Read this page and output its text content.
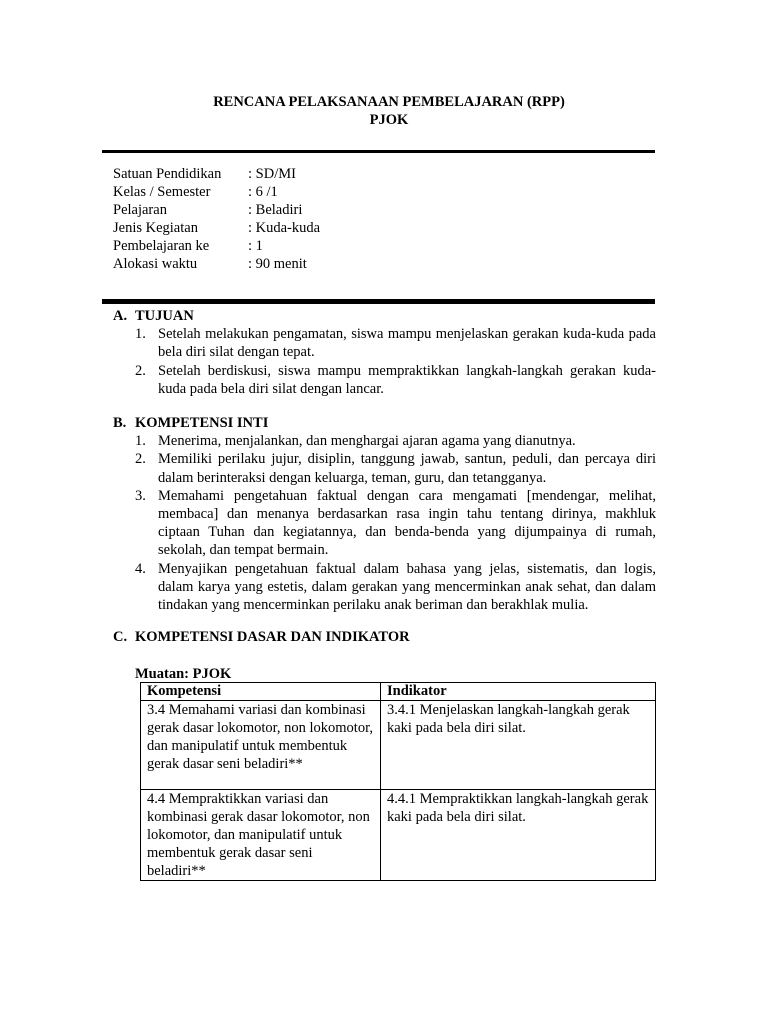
RENCANA PELAKSANAAN PEMBELAJARAN (RPP)
PJOK
Satuan Pendidikan	: SD/MI
Kelas / Semester	: 6 /1
Pelajaran	: Beladiri
Jenis Kegiatan	: Kuda-kuda
Pembelajaran ke	: 1
Alokasi waktu	: 90 menit
A. TUJUAN
1. Setelah melakukan pengamatan, siswa mampu menjelaskan gerakan kuda-kuda pada bela diri silat dengan tepat.
2. Setelah berdiskusi, siswa mampu mempraktikkan langkah-langkah gerakan kuda-kuda pada bela diri silat dengan lancar.
B. KOMPETENSI INTI
1. Menerima, menjalankan, dan menghargai ajaran agama yang dianutnya.
2. Memiliki perilaku jujur, disiplin, tanggung jawab, santun, peduli, dan percaya diri dalam berinteraksi dengan keluarga, teman, guru, dan tetangganya.
3. Memahami pengetahuan faktual dengan cara mengamati [mendengar, melihat, membaca] dan menanya berdasarkan rasa ingin tahu tentang dirinya, makhluk ciptaan Tuhan dan kegiatannya, dan benda-benda yang dijumpainya di rumah, sekolah, dan tempat bermain.
4. Menyajikan pengetahuan faktual dalam bahasa yang jelas, sistematis, dan logis, dalam karya yang estetis, dalam gerakan yang mencerminkan anak sehat, dan dalam tindakan yang mencerminkan perilaku anak beriman dan berakhlak mulia.
C. KOMPETENSI DASAR DAN INDIKATOR
Muatan: PJOK
Kompetensi	Indikator
3.4 Memahami variasi dan kombinasi gerak dasar lokomotor, non lokomotor, dan manipulatif untuk membentuk gerak dasar seni beladiri**	3.4.1 Menjelaskan langkah-langkah gerak kaki pada bela diri silat.
4.4 Mempraktikkan variasi dan kombinasi gerak dasar lokomotor, non lokomotor, dan manipulatif untuk membentuk gerak dasar seni beladiri**	4.4.1 Mempraktikkan langkah-langkah gerak kaki pada bela diri silat.
